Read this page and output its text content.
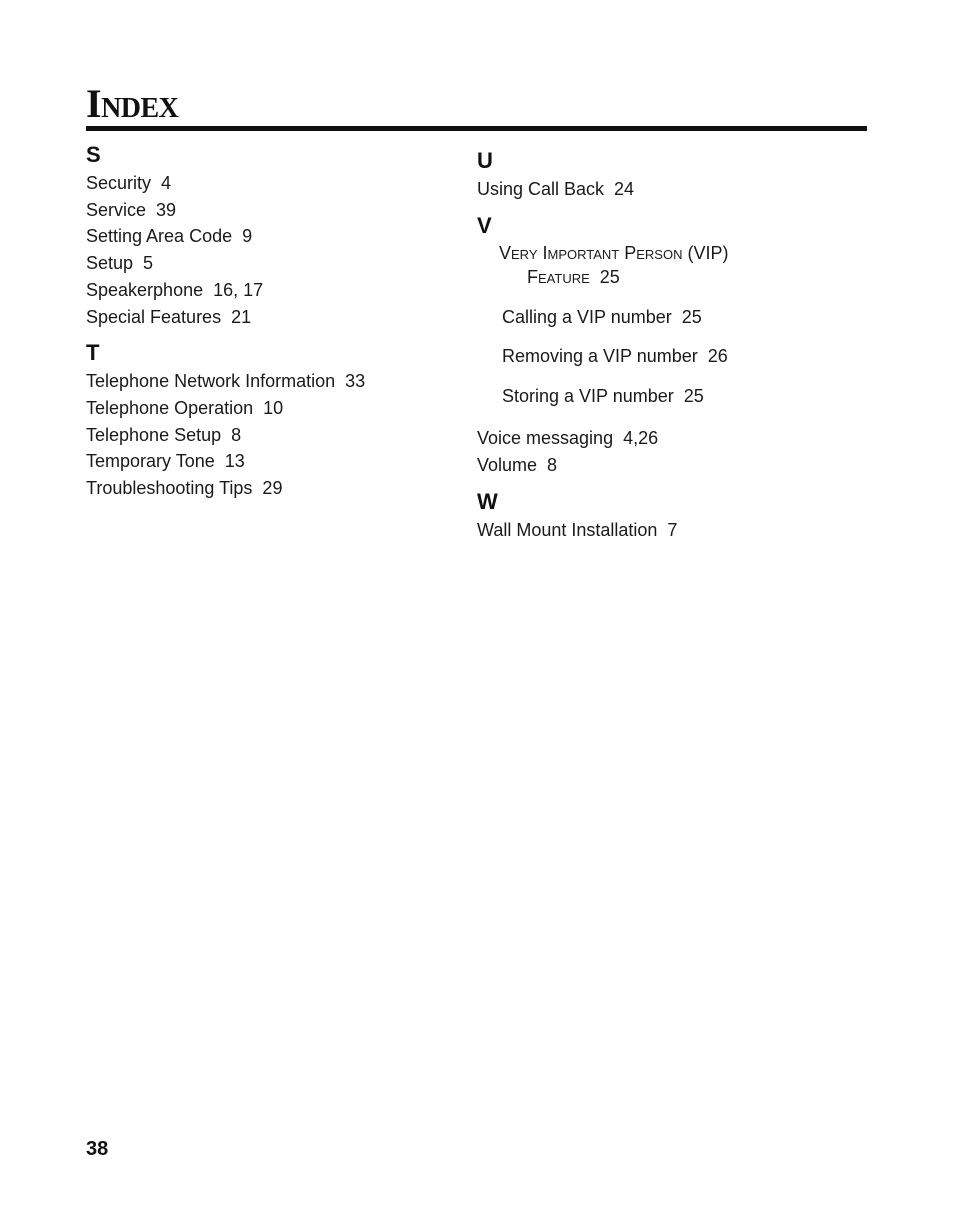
Index

S

Security  4

Service  39

Setting Area Code  9

Setup  5

Speakerphone  16, 17

Special Features  21

T

Telephone Network Information  33

Telephone Operation  10

Telephone Setup  8

Temporary Tone  13

Troubleshooting Tips  29

U

Using Call Back  24

V

Very Important Person (VIP)
Feature  25

Calling a VIP number  25

Removing a VIP number  26

Storing a VIP number  25

Voice messaging  4,26

Volume  8

W

Wall Mount Installation  7

38
